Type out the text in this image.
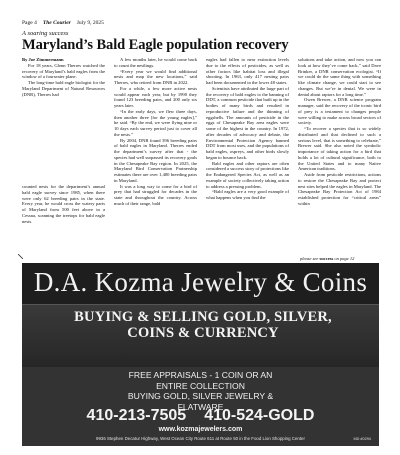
Page 4 The Courier July 9, 2025
A soaring success
Maryland’s Bald Eagle population recovery

By Joe Zimmermann

For 18 years, Glenn Therres watched the recovery of Maryland’s bald eagles from the window of a fourseater plane.

The long-time bald eagle biologist for the Maryland Department of Natural Resources (DNR), Therres had

counted nests for the department’s annual bald eagle survey since 1985, when there were only 62 breeding pairs in the state. Every year, he would cross the watery parts of Maryland from 500 feet above in a Cessna, scanning the treetops for bald eagle nests.

A few months later, he would come back to count the nestlings.

“Every year we would find additional nests and map the new locations,” said Therres, who retired from DNR in 2022.

For a while, a few more active nests would appear each year, but by 1990 they found 123 breeding pairs, and 200 only six years later.

“In the early days, we flew three days, then another three [for the young eagles],” he said. “By the end, we were flying nine or 10 days each survey period just to cover all the nests.”

By 2004, DNR found 396 breeding pairs of bald eagles in Maryland. Therres ended the department’s survey after that - the species had well surpassed its recovery goals in the Chesapeake Bay region. In 2025, the Maryland Bird Conservation Partnership estimates there are over 1,400 breeding pairs in Maryland.

It was a long way to come for a bird of prey that had struggled for decades in the state and throughout the country. Across much of their range, bald

eagles had fallen to near extinction levels due to the effects of pesticides, as well as other factors like habitat loss and illegal shooting. In 1963, only 417 nesting pairs had been documented in the lower 48 states.

Scientists have attributed the large part of the recovery of bald eagles to the banning of DDT, a common pesticide that built up in the bodies of many birds and resulted in reproductive failure and the thinning of eggshells. The amounts of pesticide in the eggs of Chesapeake Bay area eagles were some of the highest in the country. In 1972, after decades of advocacy and debate, the Environmental Protection Agency banned DDT from most uses, and the populations of bald eagles, ospreys, and other birds slowly began to bounce back.

Bald eagles and other raptors are often considered a success story of protections like the Endangered Species Act, as well as an example of society collectively taking action to address a pressing problem.

“Bald eagles are a very good example of what happens when you find the

solutions and take action, and now you can look at how they’ve come back,” said Dave Brinker, a DNR conservation ecologist. “If we could do the same thing with something like climate change, we could start to see changes. But we’re in denial. We were in denial about raptors for a long time.”

Owen Brewer, a DNR science program manager, said the recovery of the iconic bird of prey is a testament to changes people were willing to make across broad sectors of society.

“To recover a species that is so widely distributed and that declined to such a serious level, that is something to celebrate,” Brewer said. She also noted the symbolic importance of taking action for a bird that holds a lot of cultural significance, both to the United States and to many Native American traditions.

Aside from pesticide restrictions, actions to restore the Chesapeake Bay and protect nest sites helped the eagles in Maryland. The Chesapeake Bay Protection Act of 1984 established protection for “critical areas” within

please see success on page 12
D.A. Kozma Jewelry & Coins
BUYING & SELLING GOLD, SILVER,
COINS & CURRENCY
FREE APPRAISALS - 1 COIN OR AN
ENTIRE COLLECTION
BUYING GOLD, SILVER JEWELRY &
FLATWARE
410-213-7505 410-524-GOLD
www.kozmajewelers.com
9936 Stephen Decatur Highway, West Ocean City Route 611 at Route 50 in the Food Lion Shopping Center	MD #0294
